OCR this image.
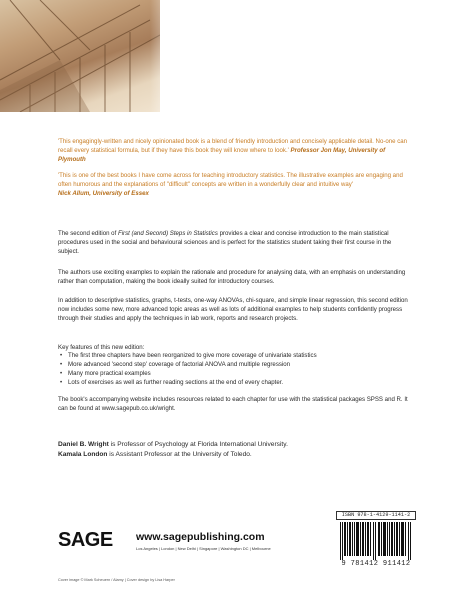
'This engagingly-written and nicely opinionated book is a blend of friendly introduction and concisely applicable detail. No-one can recall every statistical formula, but if they have this book they will know where to look.' Professor Jon May, University of Plymouth
'This is one of the best books I have come across for teaching introductory statistics. The illustrative examples are engaging and often humorous and the explanations of "difficult" concepts are written in a wonderfully clear and intuitive way'
Nick Allum, University of Essex
The second edition of First (and Second) Steps in Statistics provides a clear and concise introduction to the main statistical procedures used in the social and behavioural sciences and is perfect for the statistics student taking their first course in the subject.
The authors use exciting examples to explain the rationale and procedure for analysing data, with an emphasis on understanding rather than computation, making the book ideally suited for introductory courses.
In addition to descriptive statistics, graphs, t-tests, one-way ANOVAs, chi-square, and simple linear regression, this second edition now includes some new, more advanced topic areas as well as lots of additional examples to help students confidently progress through their studies and apply the techniques in lab work, reports and research projects.
Key features of this new edition:
• The first three chapters have been reorganized to give more coverage of univariate statistics
• More advanced 'second step' coverage of factorial ANOVA and multiple regression
• Many more practical examples
• Lots of exercises as well as further reading sections at the end of every chapter.
The book's accompanying website includes resources related to each chapter for use with the statistical packages SPSS and R. It can be found at www.sagepub.co.uk/wright.
Daniel B. Wright is Professor of Psychology at Florida International University.
Kamala London is Assistant Professor at the University of Toledo.
SAGE www.sagepublishing.com
Los Angeles | London | New Delhi | Singapore | Washington DC | Melbourne
ISBN 978-1-4129-1141-2
9 781412 911412
Cover image © Mark Scheuern / Alamy | Cover design by Lisa Harper
